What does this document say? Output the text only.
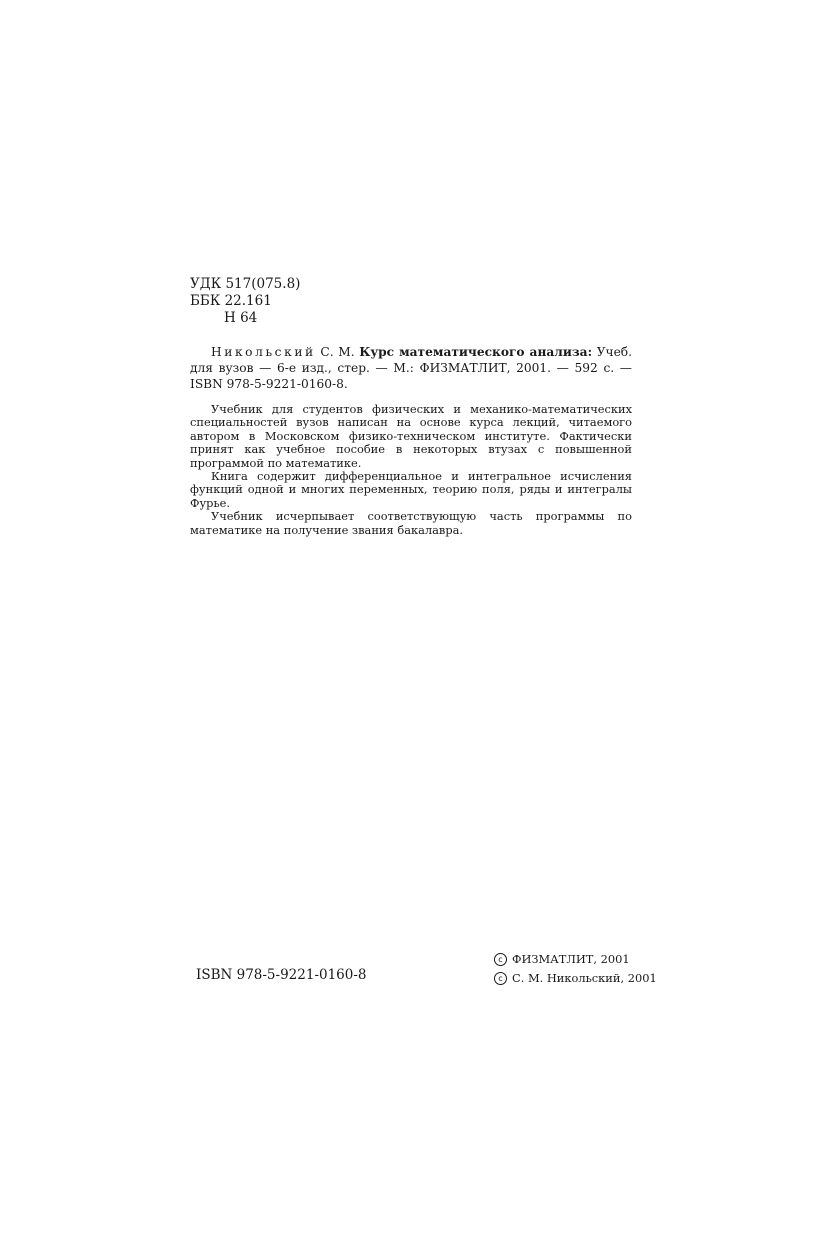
УДК 517(075.8)
ББК 22.161
Н 64

Никольский С. М. Курс математического анализа: Учеб. для вузов — 6-е изд., стер. — М.: ФИЗМАТЛИТ, 2001. — 592 с. — ISBN 978-5-9221-0160-8.

Учебник для студентов физических и механико-математических специальностей вузов написан на основе курса лекций, читаемого автором в Московском физико-техническом институте. Фактически принят как учебное пособие в некоторых втузах с повышенной программой по математике.

Книга содержит дифференциальное и интегральное исчисления функций одной и многих переменных, теорию поля, ряды и интегралы Фурье.

Учебник исчерпывает соответствующую часть программы по математике на получение звания бакалавра.

ISBN 978-5-9221-0160-8
c ФИЗМАТЛИТ, 2001
c С. М. Никольский, 2001
